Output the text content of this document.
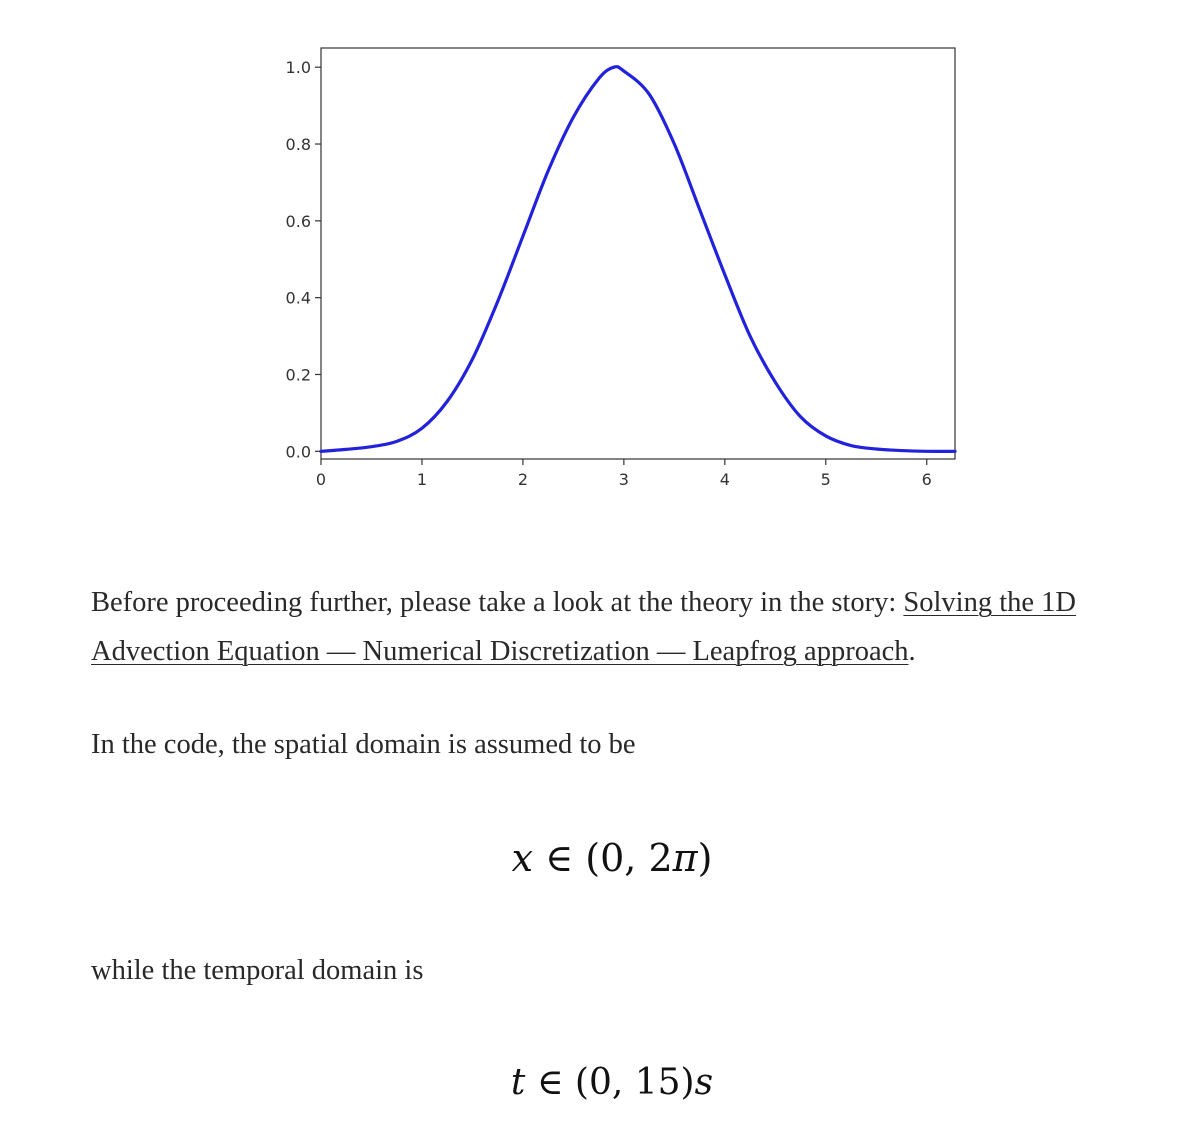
0.0
0.2
0.4
0.6
0.8
1.0
0	1	2	3	4	5	6

Before proceeding further, please take a look at the theory in the story: Solving the 1D Advection Equation — Numerical Discretization — Leapfrog approach.

In the code, the spatial domain is assumed to be

x ∈ (0, 2π)

while the temporal domain is

t ∈ (0, 15)s
